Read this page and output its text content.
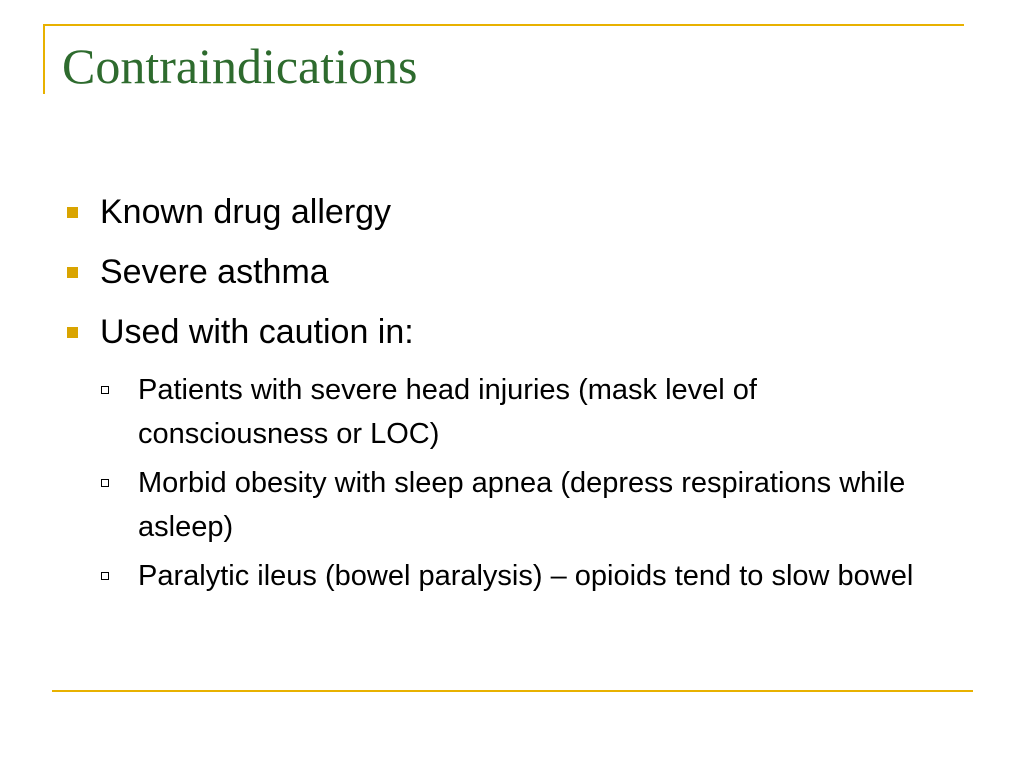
Contraindications
Known drug allergy
Severe asthma
Used with caution in:
Patients with severe head injuries (mask level of consciousness or LOC)
Morbid obesity with sleep apnea (depress respirations while asleep)
Paralytic ileus (bowel paralysis) – opioids tend to slow bowel
